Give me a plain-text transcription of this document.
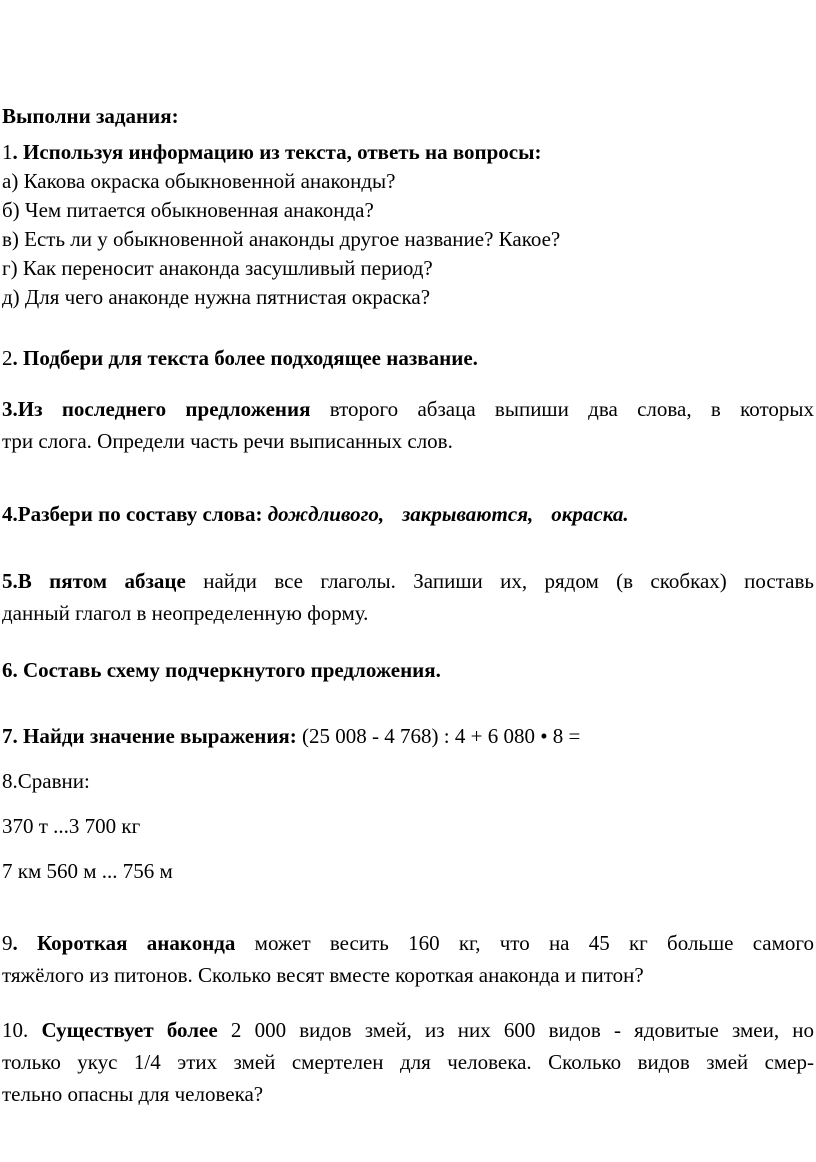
Выполни задания:
1. Используя информацию из текста, ответь на вопросы:
а) Какова окраска обыкновенной анаконды?
б) Чем питается обыкновенная анаконда?
в) Есть ли у обыкновенной анаконды другое название? Какое?
г) Как переносит анаконда засушливый период?
д) Для чего анаконде нужна пятнистая окраска?
2. Подбери для текста более подходящее название.
3.Из последнего предложения второго абзаца выпиши два слова, в которых
три слога. Определи часть речи выписанных слов.
4.Разбери по составу слова: дождливого, закрываются, окраска.
5.В пятом абзаце найди все глаголы. Запиши их, рядом (в скобках) поставь
данный глагол в неопределенную форму.
6. Составь схему подчеркнутого предложения.
7. Найди значение выражения: (25 008 - 4 768) : 4 + 6 080 • 8 =
8.Сравни:
370 т ...3 700 кг
7 км 560 м ... 756 м
9. Короткая анаконда может весить 160 кг, что на 45 кг больше самого
тяжёлого из питонов. Сколько весят вместе короткая анаконда и питон?
10. Существует более 2 000 видов змей, из них 600 видов - ядовитые змеи, но
только укус 1/4 этих змей смертелен для человека. Сколько видов змей смер-
тельно опасны для человека?
